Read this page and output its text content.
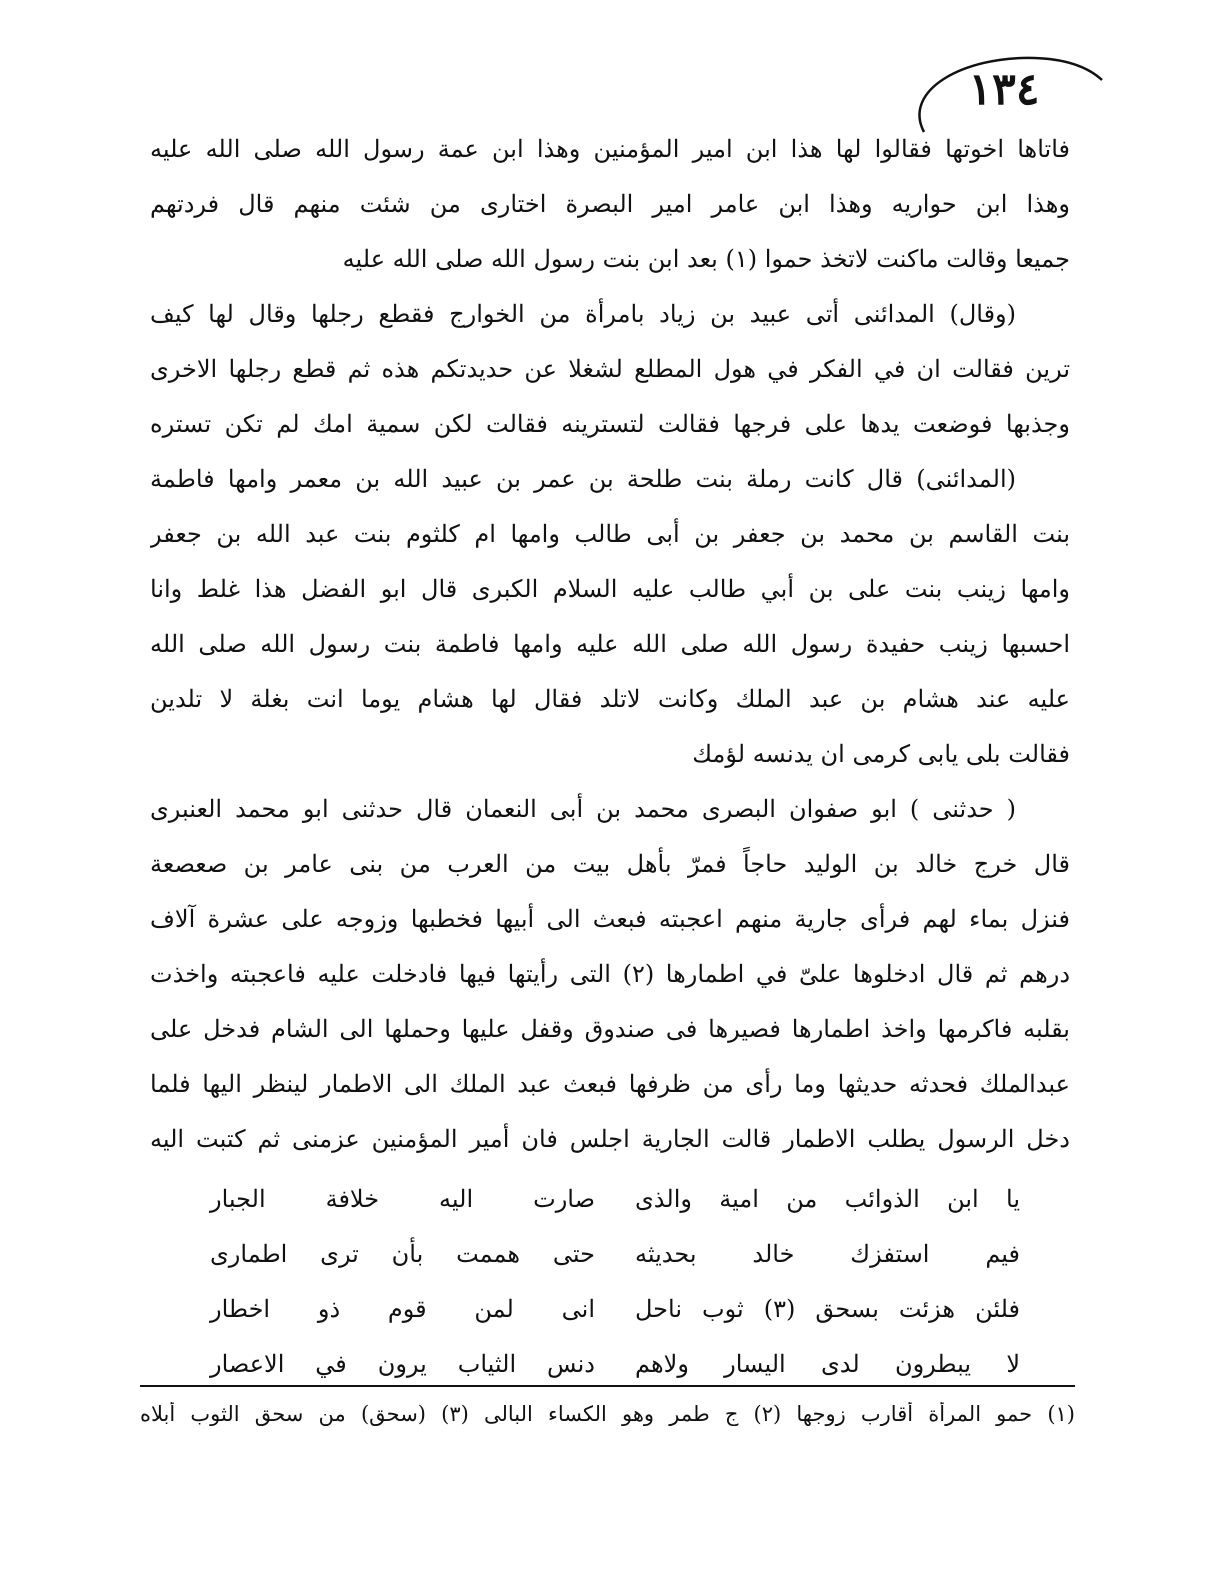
١٣٤
فاتاها اخوتها فقالوا لها هذا ابن امير المؤمنين وهذا ابن عمة رسول الله صلى الله عليه
وهذا ابن حواريه وهذا ابن عامر امير البصرة اختارى من شئت منهم قال فردتهم
جميعا وقالت ماكنت لاتخذ حموا (١) بعد ابن بنت رسول الله صلى الله عليه
(وقال) المدائنى أتى عبيد بن زياد بامرأة من الخوارج فقطع رجلها وقال لها كيف
ترين فقالت ان في الفكر في هول المطلع لشغلا عن حديدتكم هذه ثم قطع رجلها الاخرى
وجذبها فوضعت يدها على فرجها فقالت لتسترينه فقالت لكن سمية امك لم تكن تستره
(المدائنى) قال كانت رملة بنت طلحة بن عمر بن عبيد الله بن معمر وامها فاطمة
بنت القاسم بن محمد بن جعفر بن أبى طالب وامها ام كلثوم بنت عبد الله بن جعفر
وامها زينب بنت على بن أبي طالب عليه السلام الكبرى قال ابو الفضل هذا غلط وانا
احسبها زينب حفيدة رسول الله صلى الله عليه وامها فاطمة بنت رسول الله صلى الله
عليه عند هشام بن عبد الملك وكانت لاتلد فقال لها هشام يوما انت بغلة لا تلدين
فقالت بلى يابى كرمى ان يدنسه لؤمك
( حدثنى ) ابو صفوان البصرى محمد بن أبى النعمان قال حدثنى ابو محمد العنبرى
قال خرج خالد بن الوليد حاجاً فمرّ بأهل بيت من العرب من بنى عامر بن صعصعة
فنزل بماء لهم فرأى جارية منهم اعجبته فبعث الى أبيها فخطبها وزوجه على عشرة آلاف
درهم ثم قال ادخلوها علىّ في اطمارها (٢) التى رأيتها فيها فادخلت عليه فاعجبته واخذت
بقلبه فاكرمها واخذ اطمارها فصيرها فى صندوق وقفل عليها وحملها الى الشام فدخل على
عبدالملك فحدثه حديثها وما رأى من ظرفها فبعث عبد الملك الى الاطمار لينظر اليها فلما
دخل الرسول يطلب الاطمار قالت الجارية اجلس فان أمير المؤمنين عزمنى ثم كتبت اليه
يا ابن الذوائب من امية والذى
صارت اليه خلافة الجبار
فيم استفزك خالد بحديثه
حتى هممت بأن ترى اطمارى
فلئن هزئت بسحق (٣) ثوب ناحل
انى لمن قوم ذو اخطار
لا يبطرون لدى اليسار ولاهم
دنس الثياب يرون في الاعصار
(١) حمو المرأة أقارب زوجها (٢) ج طمر وهو الكساء البالى (٣) (سحق) من سحق الثوب أبلاه
